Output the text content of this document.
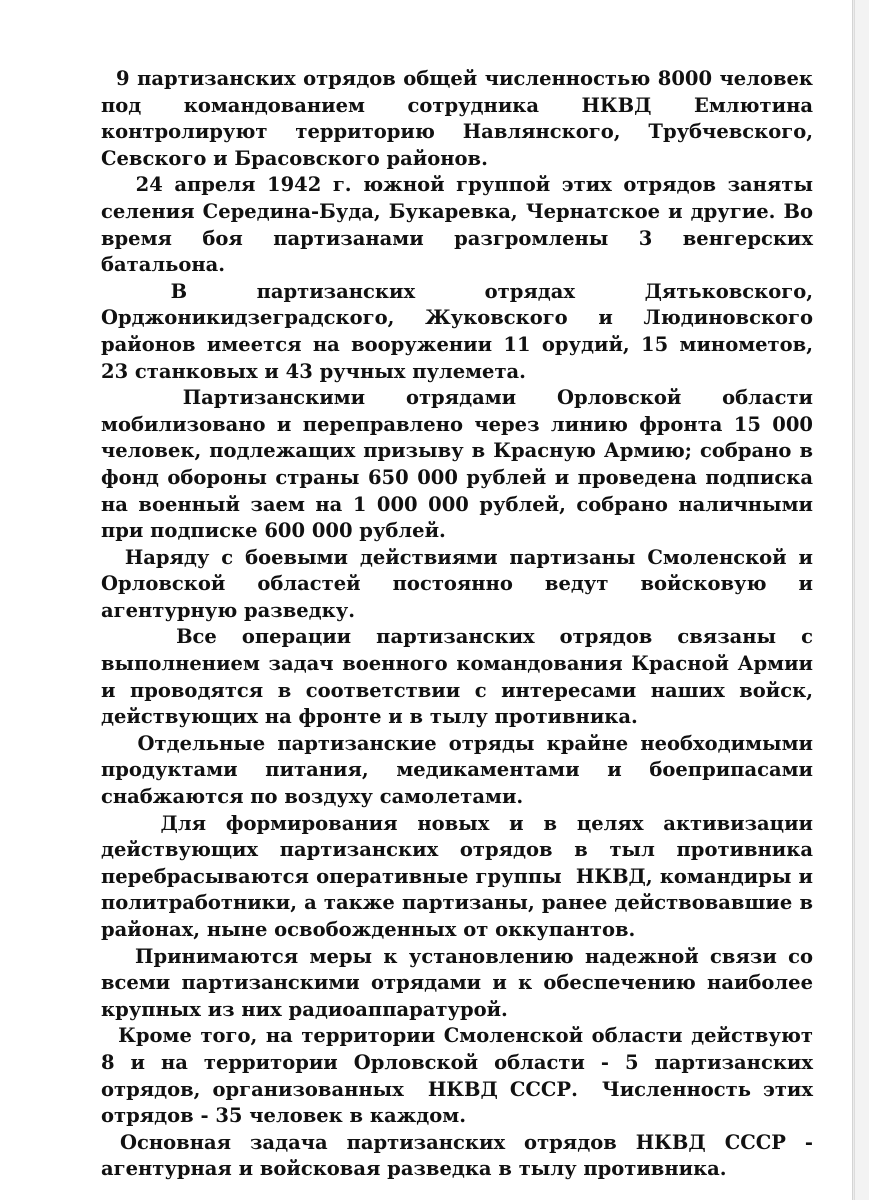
9 партизанских отрядов общей численностью 8000 человек под командованием сотрудника НКВД Емлютина контролируют территорию Навлянского, Трубчевского, Севского и Брасовского районов.

24 апреля 1942 г. южной группой этих отрядов заняты селения Середина-Буда, Букаревка, Чернатское и другие. Во время боя партизанами разгромлены 3 венгерских батальона.

В партизанских отрядах Дятьковского, Орджоникидзеградского, Жуковского и Людиновского районов имеется на вооружении 11 орудий, 15 минометов, 23 станковых и 43 ручных пулемета.

Партизанскими отрядами Орловской области мобилизовано и переправлено через линию фронта 15 000 человек, подлежащих призыву в Красную Армию; собрано в фонд обороны страны 650 000 рублей и проведена подписка на военный заем на 1 000 000 рублей, собрано наличными при подписке 600 000 рублей.

Наряду с боевыми действиями партизаны Смоленской и Орловской областей постоянно ведут войсковую и агентурную разведку.

Все операции партизанских отрядов связаны с выполнением задач военного командования Красной Армии и проводятся в соответствии с интересами наших войск, действующих на фронте и в тылу противника.

Отдельные партизанские отряды крайне необходимыми продуктами питания, медикаментами и боеприпасами снабжаются по воздуху самолетами.

Для формирования новых и в целях активизации действующих партизанских отрядов в тыл противника перебрасываются оперативные группы  НКВД, командиры и политработники, а также партизаны, ранее действовавшие в районах, ныне освобожденных от оккупантов.

Принимаются меры к установлению надежной связи со всеми партизанскими отрядами и к обеспечению наиболее крупных из них радиоаппаратурой.

Кроме того, на территории Смоленской области действуют 8 и на территории Орловской области - 5 партизанских отрядов, организованных  НКВД СССР.  Численность этих отрядов - 35 человек в каждом.

Основная задача партизанских отрядов НКВД СССР - агентурная и войсковая разведка в тылу противника.
